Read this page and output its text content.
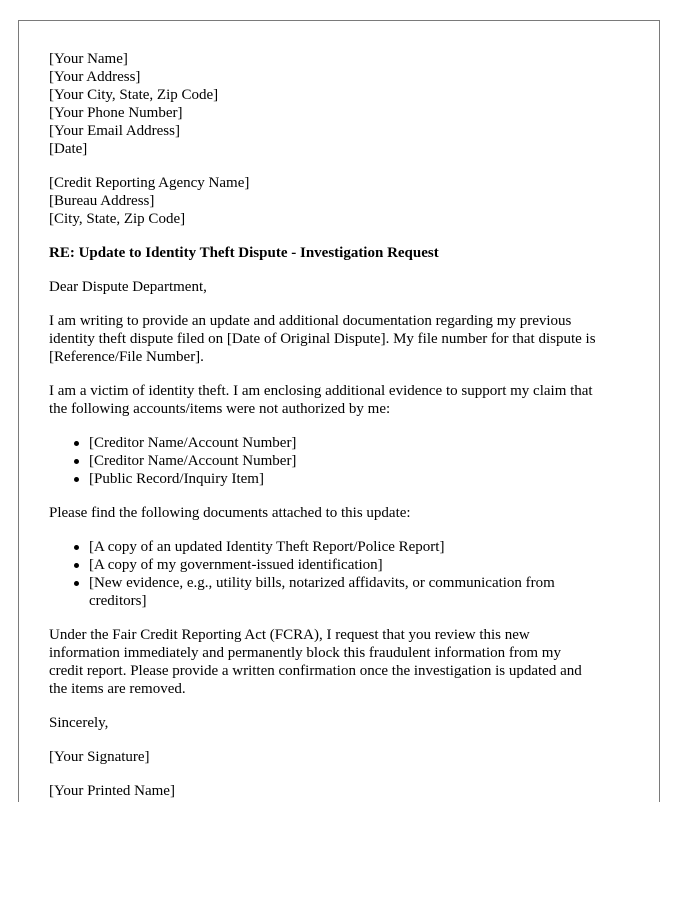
[Your Name]
[Your Address]
[Your City, State, Zip Code]
[Your Phone Number]
[Your Email Address]
[Date]
[Credit Reporting Agency Name]
[Bureau Address]
[City, State, Zip Code]

RE: Update to Identity Theft Dispute - Investigation Request

Dear Dispute Department,

I am writing to provide an update and additional documentation regarding my previous
identity theft dispute filed on [Date of Original Dispute]. My file number for that dispute is
[Reference/File Number].

I am a victim of identity theft. I am enclosing additional evidence to support my claim that
the following accounts/items were not authorized by me:

[Creditor Name/Account Number]
[Creditor Name/Account Number]
[Public Record/Inquiry Item]

Please find the following documents attached to this update:

[A copy of an updated Identity Theft Report/Police Report]
[A copy of my government-issued identification]
[New evidence, e.g., utility bills, notarized affidavits, or communication from
creditors]

Under the Fair Credit Reporting Act (FCRA), I request that you review this new
information immediately and permanently block this fraudulent information from my
credit report. Please provide a written confirmation once the investigation is updated and
the items are removed.

Sincerely,

[Your Signature]

[Your Printed Name]
